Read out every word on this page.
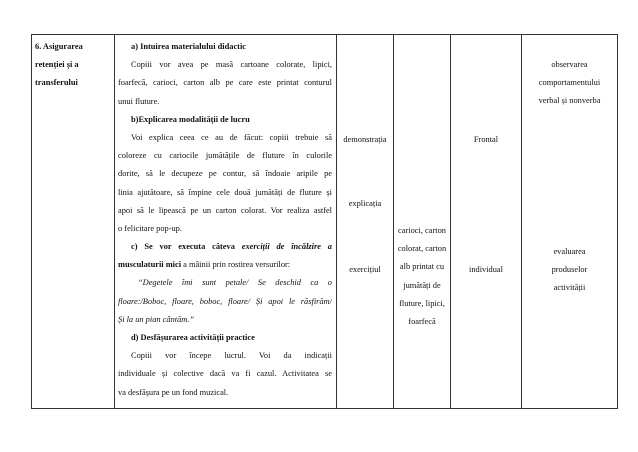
6. Asigurarea
retenției și a
transferului

a) Intuirea materialului didactic
Copiii vor avea pe masă cartoane colorate, lipici,
foarfecă, carioci, carton alb pe care este printat conturul
unui fluture.
b)Explicarea modalității de lucru
Voi explica ceea ce au de făcut: copiii trebuie să
coloreze cu cariocile jumătățile de fluture în culorile
dorite, să le decupeze pe contur, să îndoaie aripile pe
linia ajutătoare, să împine cele două jumătăți de fluture și
apoi să le lipească pe un carton colorat. Vor realiza astfel
o felicitare pop-up.
c) Se vor executa câteva exerciții de încălzire a
musculaturii mici a mâinii prin rostirea versurilor:
“Degetele îmi sunt petale/ Se deschid ca o
floare:/Boboc, floare, boboc, floare/ Și apoi le răsfirăm/
Și la un pian cântăm.”
d) Desfășurarea activității practice
Copiii vor începe lucrul. Voi da indicații
individuale și colective dacă va fi cazul. Activitatea se
va desfășura pe un fond muzical.

demonstrația
explicația
exercițiul

carioci, carton
colorat, carton
alb printat cu
jumătăți de
fluture, lipici,
foarfecă

Frontal
individual

observarea
comportamentului
verbal și nonverba
evaluarea
produselor
activității
